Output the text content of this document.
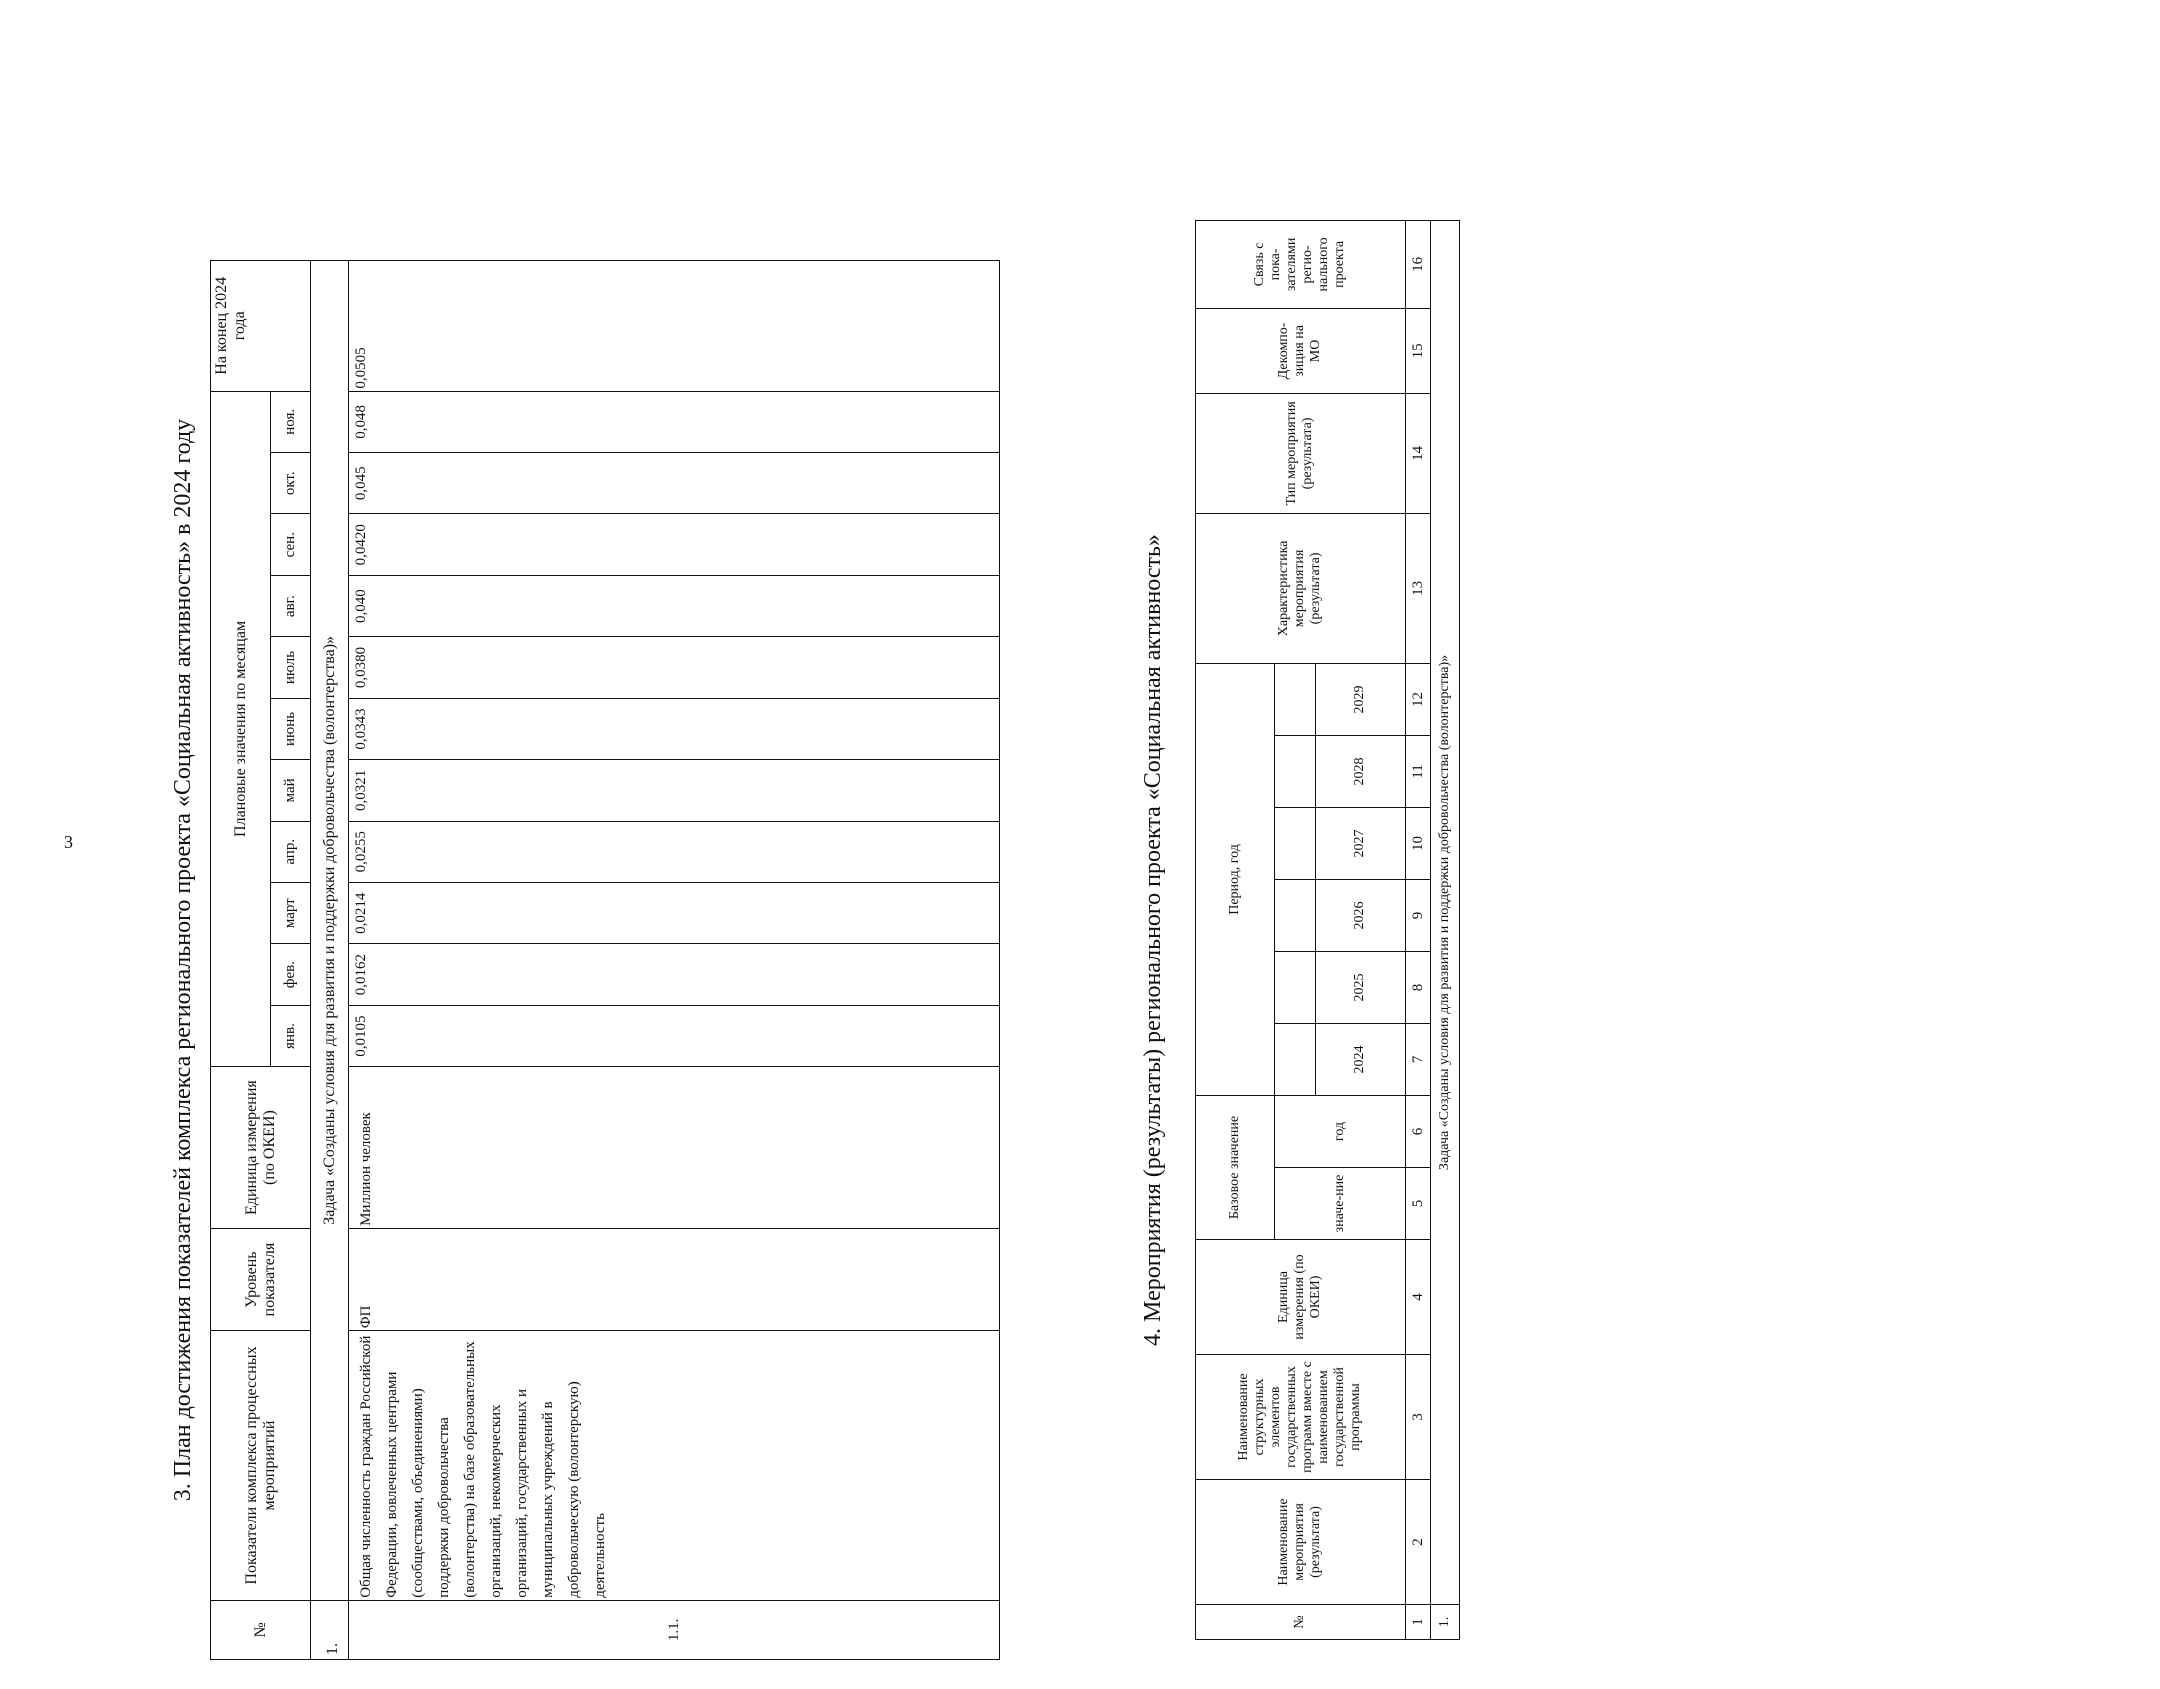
3	3. План достижения показателей комплекса регионального проекта «Социальная активность» в 2024 году
№	Показатели комплекса процессных мероприятий	Уровень показателя	Единица измерения (по ОКЕИ)	Плановые значения по месяцам											На конец 2024 года
				янв.	фев.	март	апр.	май	июнь	июль	авг.	сен.	окт.	ноя.	
1.	Задача «Созданы условия для развития и поддержки добровольчества (волонтерства)»														
1.1.	Общая численность граждан Российской Федерации, вовлеченных центрами (сообществами, объединениями) поддержки добровольчества (волонтерства) на базе образовательных организаций, некоммерческих организаций, государственных и муниципальных учреждений в добровольческую (волонтерскую) деятельность	ФП	Миллион человек	0,0105	0,0162	0,0214	0,0255	0,0321	0,0343	0,0380	0,040	0,0420	0,045	0,048	0,0505
4. Мероприятия (результаты) регионального проекта «Социальная активность»
№	Наименование мероприятия (результата)	Наименование структурных элементов государственных программ вместе с наименованием государственной программы	Единица измерения (по ОКЕИ)	Базовое значение		Период, год						Характеристика мероприятия (результата)	Тип мероприятия (результата)	Декомпо-зиция на МО	Связь с пока-зателями регио-нального проекта
				значе-ние	год										
						2024	2025	2026	2027	2028	2029				
1	2	3	4	5	6	7	8	9	10	11	12	13	14	15	16
1.	Задача «Созданы условия для развития и поддержки добровольчества (волонтерства)»														
